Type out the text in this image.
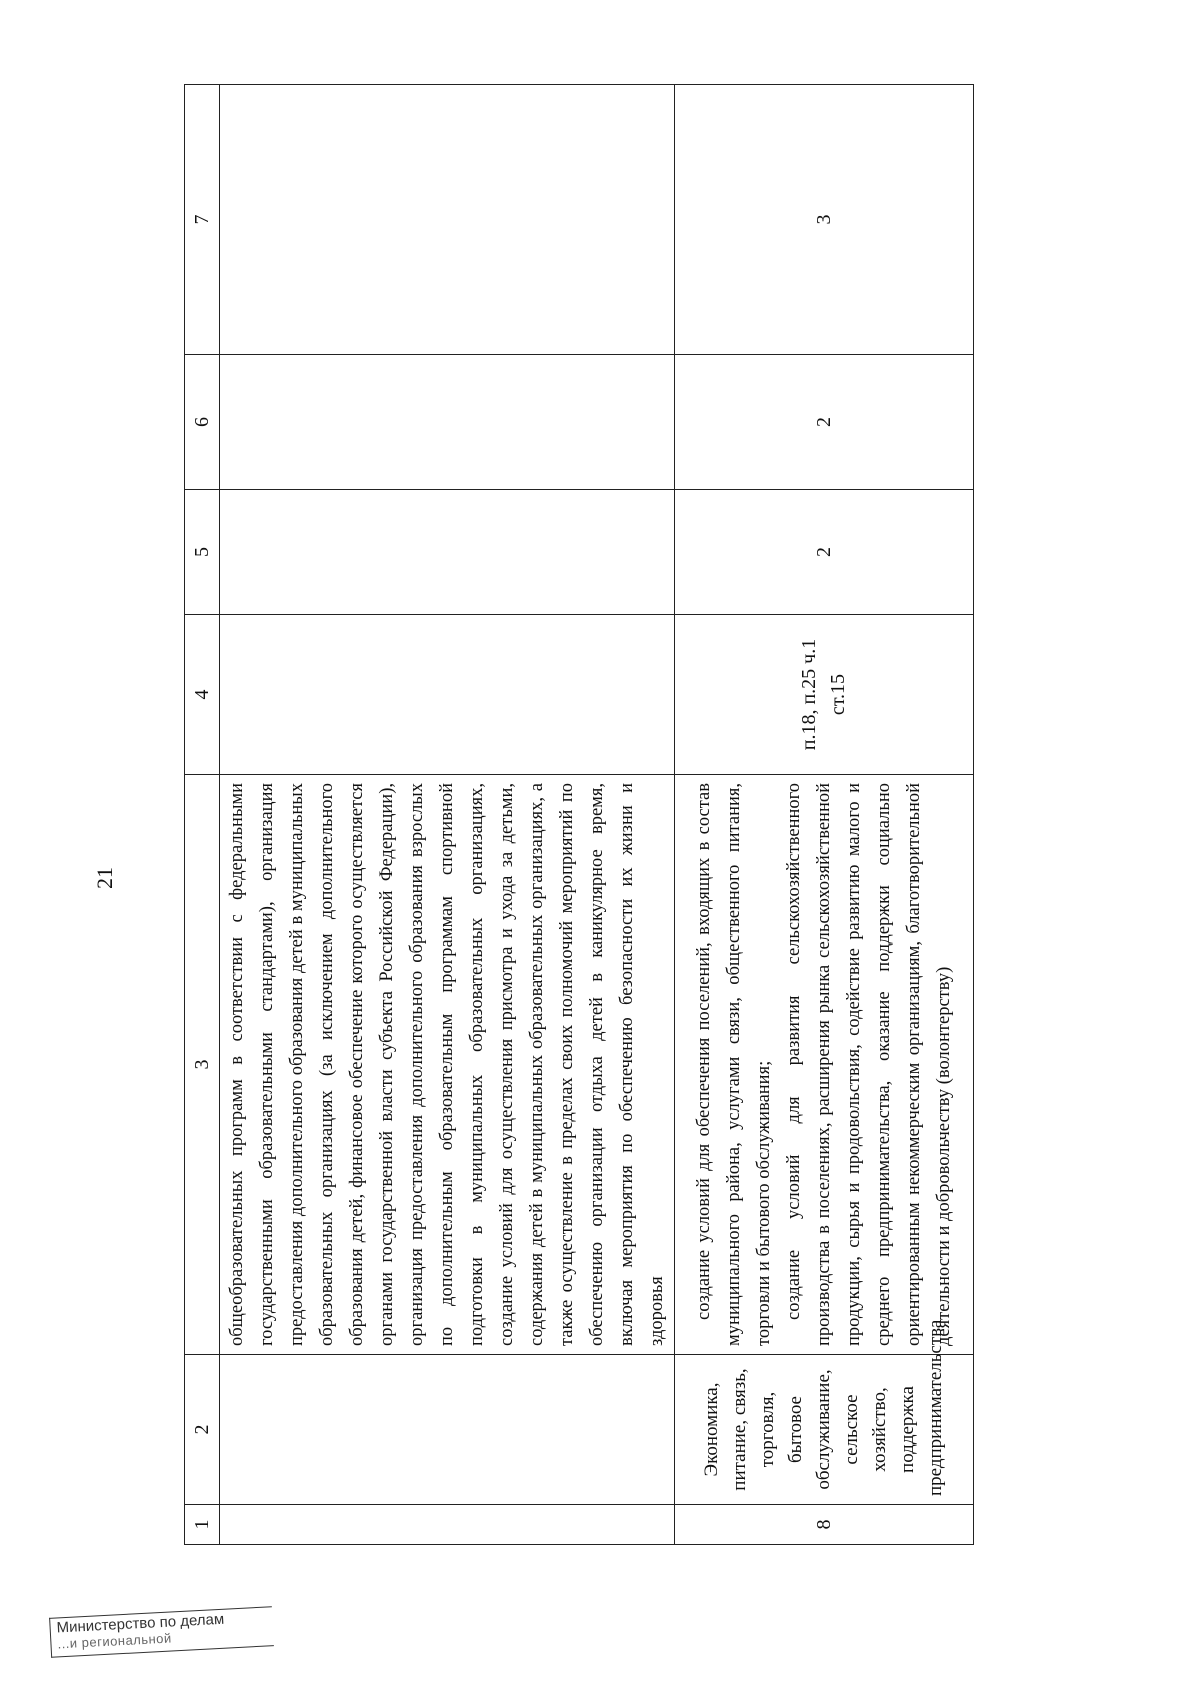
21
1	2	3	4	5	6	7

		общеобразовательных программ в соответствии с федеральными государственными образовательными стандартами), организация предоставления дополнительного образования детей в муниципальных образовательных организациях (за исключением дополнительного образования детей, финансовое обеспечение которого осуществляется органами государственной власти субъекта Российской Федерации), организация предоставления дополнительного образования взрослых по дополнительным образовательным программам спортивной подготовки в муниципальных образовательных организациях, создание условий для осуществления присмотра и ухода за детьми, содержания детей в муниципальных образовательных организациях, а также осуществление в пределах своих полномочий мероприятий по обеспечению организации отдыха детей в каникулярное время, включая мероприятия по обеспечению безопасности их жизни и здоровья				

8	Экономика, питание, связь, торговля, бытовое обслуживание, сельское хозяйство, поддержка предпринимательства	создание условий для обеспечения поселений, входящих в состав муниципального района, услугами связи, общественного питания, торговли и бытового обслуживания; создание условий для развития сельскохозяйственного производства в поселениях, расширения рынка сельскохозяйственной продукции, сырья и продовольствия, содействие развитию малого и среднего предпринимательства, оказание поддержки социально ориентированным некоммерческим организациям, благотворительной деятельности и добровольчеству (волонтерству)	п.18, п.25 ч.1 ст.15	2	2	3
Министерство по делам
...и региональной
